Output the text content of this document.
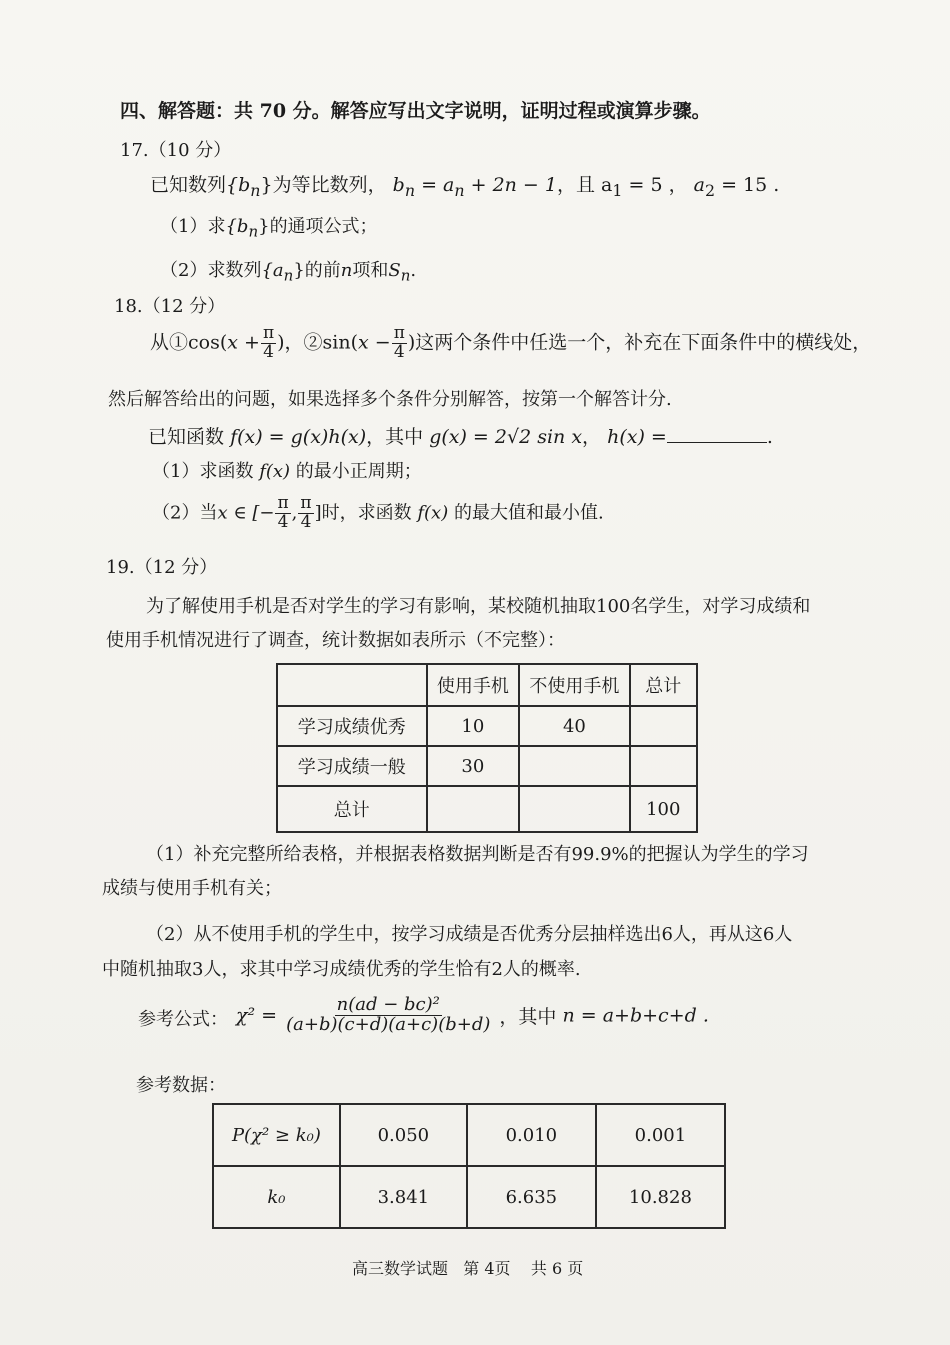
四、解答题：共 70 分。解答应写出文字说明，证明过程或演算步骤。
17.（10 分）
已知数列$\{b_n\}$为等比数列， $b_n = a_n + 2n - 1$，且 $a_1 = 5$ ， $a_2 = 15$ .
（1）求$\{b_n\}$的通项公式；
（2）求数列$\{a_n\}$的前n项和$S_n$.
18.（12 分）
从①cos(x + $\frac{\pi}{4}$ )，②sin(x − $\frac{\pi}{4}$ )这两个条件中任选一个，补充在下面条件中的横线处，
然后解答给出的问题，如果选择多个条件分别解答，按第一个解答计分.
已知函数 f(x) = g(x)h(x)，其中 g(x) = 2√2 sin x， h(x) =	.
（1）求函数 f(x) 的最小正周期；
（2）当x ∈ [− $\frac{\pi}{4}$ , $\frac{\pi}{4}$ ]时，求函数 f(x) 的最大值和最小值.
19.（12 分）
为了解使用手机是否对学生的学习有影响，某校随机抽取100名学生，对学习成绩和
使用手机情况进行了调查，统计数据如表所示（不完整）：
	使用手机	不使用手机	总计
学习成绩优秀	10	40	
学习成绩一般	30		
总计			100
（1）补充完整所给表格，并根据表格数据判断是否有99.9%的把握认为学生的学习
成绩与使用手机有关；
（2）从不使用手机的学生中，按学习成绩是否优秀分层抽样选出6人，再从这6人
中随机抽取3人，求其中学习成绩优秀的学生恰有2人的概率.
参考公式： $\chi^2 = \frac{\text{n(ad − bc)²}}{(a+b)(c+d)(a+c)(b+d)}$ ，其中 n = a+b+c+d .
参考数据：
P(χ² ≥ k₀)	0.050	0.010	0.001
k₀	3.841	6.635	10.828
高三数学试题 第 4页 共 6 页
